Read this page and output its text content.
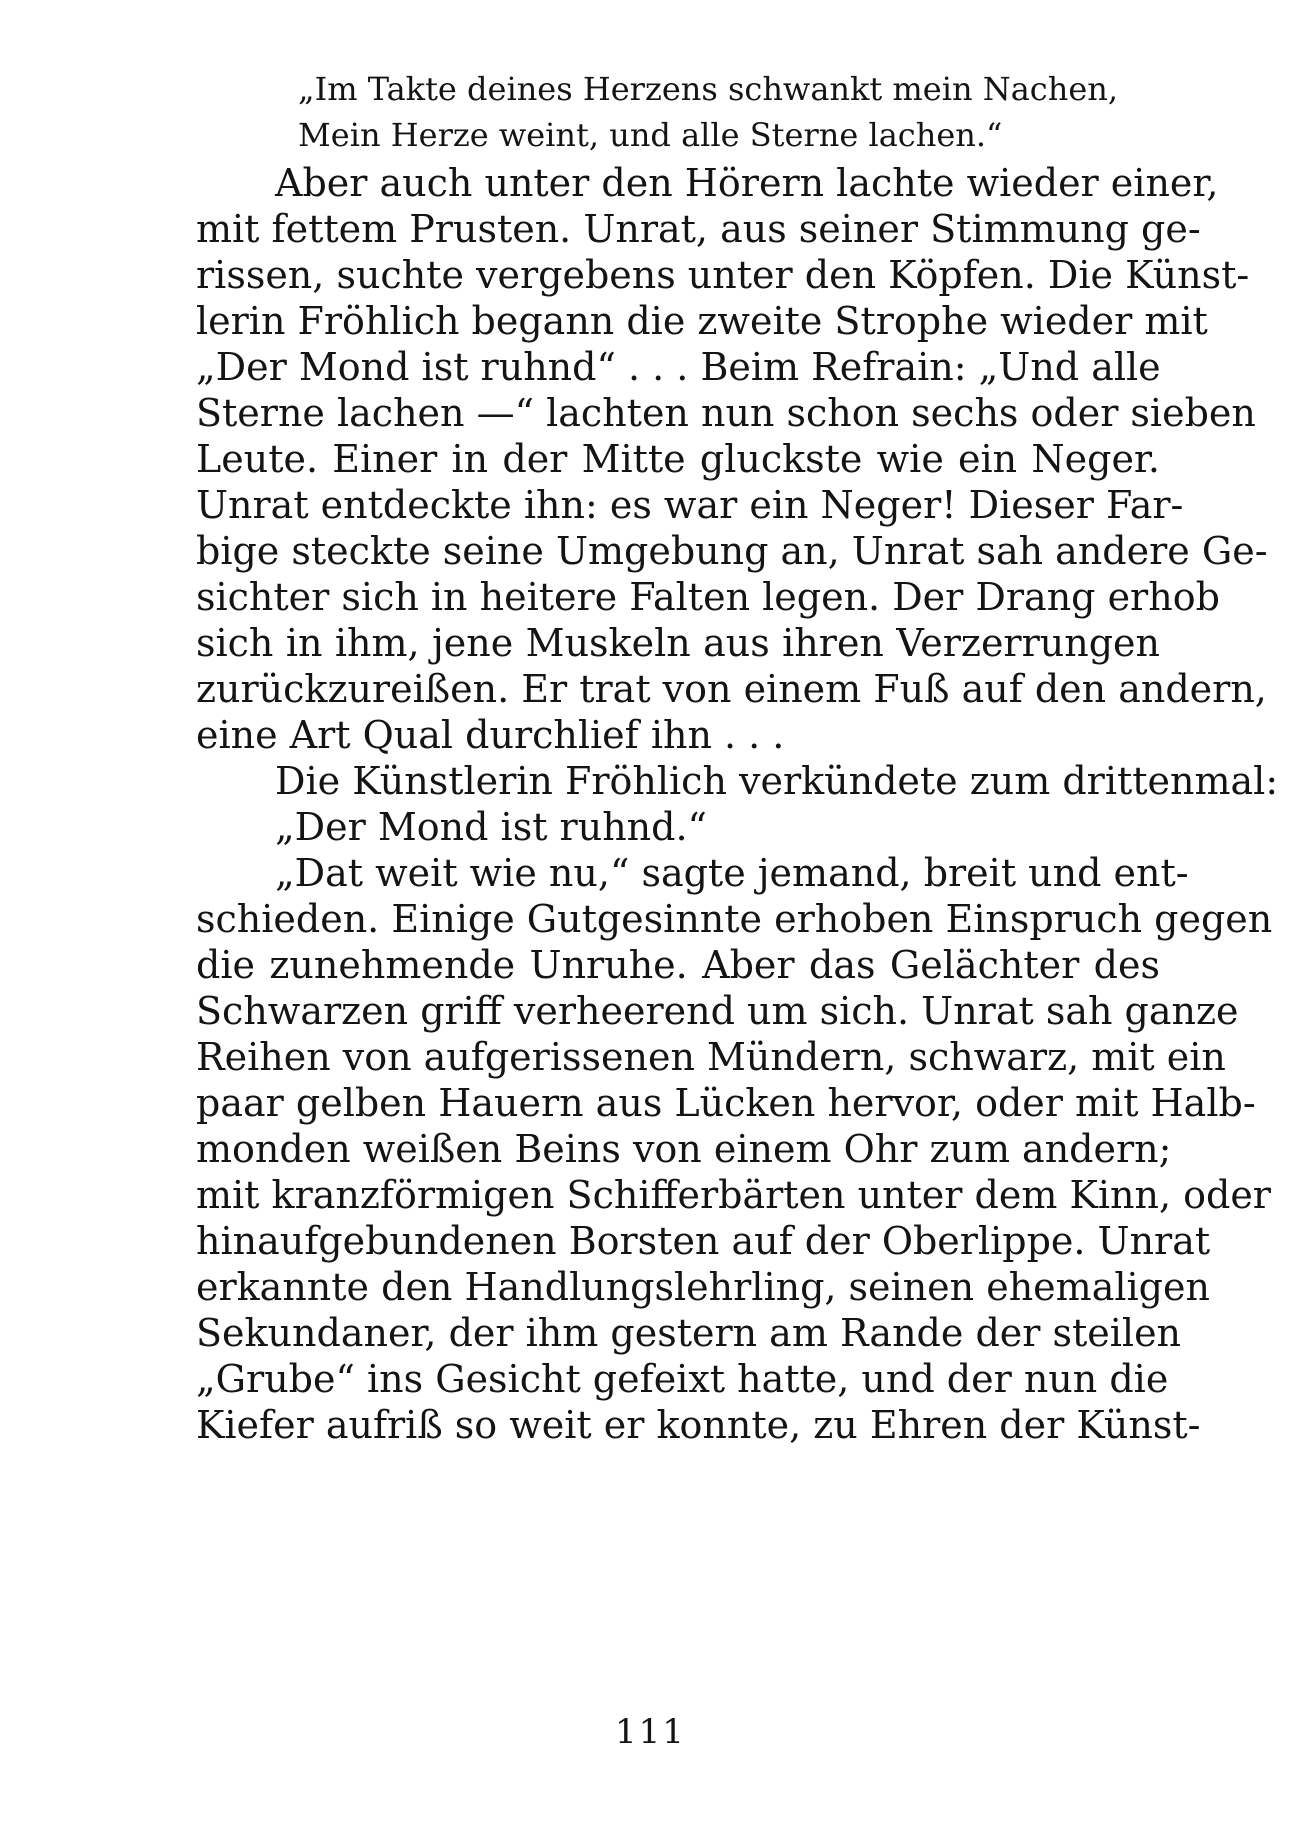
„Im Takte deines Herzens schwankt mein Nachen,
Mein Herze weint, und alle Sterne lachen.“
Aber auch unter den Hörern lachte wieder einer,
mit fettem Prusten. Unrat, aus seiner Stimmung ge-
rissen, suchte vergebens unter den Köpfen. Die Künst-
lerin Fröhlich begann die zweite Strophe wieder mit
„Der Mond ist ruhnd“ . . . Beim Refrain: „Und alle
Sterne lachen —“ lachten nun schon sechs oder sieben
Leute. Einer in der Mitte gluckste wie ein Neger.
Unrat entdeckte ihn: es war ein Neger! Dieser Far-
bige steckte seine Umgebung an, Unrat sah andere Ge-
sichter sich in heitere Falten legen. Der Drang erhob
sich in ihm, jene Muskeln aus ihren Verzerrungen
zurückzureißen. Er trat von einem Fuß auf den andern,
eine Art Qual durchlief ihn . . .
Die Künstlerin Fröhlich verkündete zum drittenmal:
„Der Mond ist ruhnd.“
„Dat weit wie nu,“ sagte jemand, breit und ent-
schieden. Einige Gutgesinnte erhoben Einspruch gegen
die zunehmende Unruhe. Aber das Gelächter des
Schwarzen griff verheerend um sich. Unrat sah ganze
Reihen von aufgerissenen Mündern, schwarz, mit ein
paar gelben Hauern aus Lücken hervor, oder mit Halb-
monden weißen Beins von einem Ohr zum andern;
mit kranzförmigen Schifferbärten unter dem Kinn, oder
hinaufgebundenen Borsten auf der Oberlippe. Unrat
erkannte den Handlungslehrling, seinen ehemaligen
Sekundaner, der ihm gestern am Rande der steilen
„Grube“ ins Gesicht gefeixt hatte, und der nun die
Kiefer aufriß so weit er konnte, zu Ehren der Künst-
111
